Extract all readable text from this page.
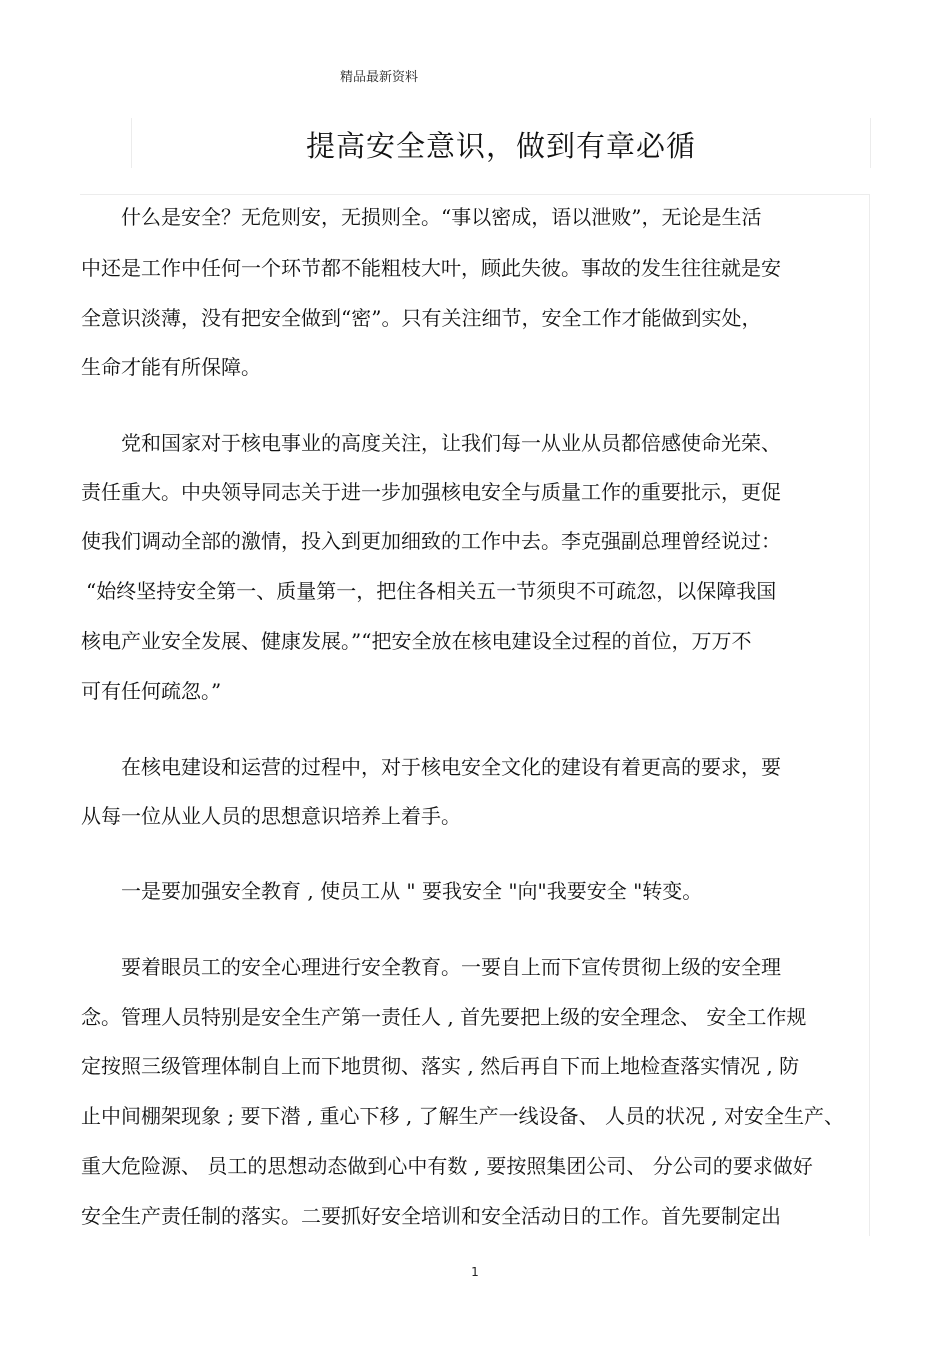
精品最新资料
提高安全意识，做到有章必循
什么是安全？无危则安，无损则全。“事以密成，语以泄败”，无论是生活
中还是工作中任何一个环节都不能粗枝大叶，顾此失彼。事故的发生往往就是安
全意识淡薄，没有把安全做到“密”。只有关注细节，安全工作才能做到实处，
生命才能有所保障。
党和国家对于核电事业的高度关注，让我们每一从业从员都倍感使命光荣、
责任重大。中央领导同志关于进一步加强核电安全与质量工作的重要批示，更促
使我们调动全部的激情，投入到更加细致的工作中去。李克强副总理曾经说过：
“始终坚持安全第一、质量第一，把住各相关五一节须臾不可疏忽，以保障我国
核电产业安全发展、健康发展。”“把安全放在核电建设全过程的首位，万万不
可有任何疏忽。”
在核电建设和运营的过程中，对于核电安全文化的建设有着更高的要求，要
从每一位从业人员的思想意识培养上着手。
一是要加强安全教育 , 使员工从 " 要我安全 "向"我要安全 "转变。
要着眼员工的安全心理进行安全教育。一要自上而下宣传贯彻上级的安全理
念。管理人员特别是安全生产第一责任人 , 首先要把上级的安全理念、 安全工作规
定按照三级管理体制自上而下地贯彻、落实 , 然后再自下而上地检查落实情况 , 防
止中间棚架现象 ; 要下潜 , 重心下移 , 了解生产一线设备、 人员的状况 , 对安全生产、
重大危险源、 员工的思想动态做到心中有数 , 要按照集团公司、 分公司的要求做好
安全生产责任制的落实。二要抓好安全培训和安全活动日的工作。首先要制定出
1
